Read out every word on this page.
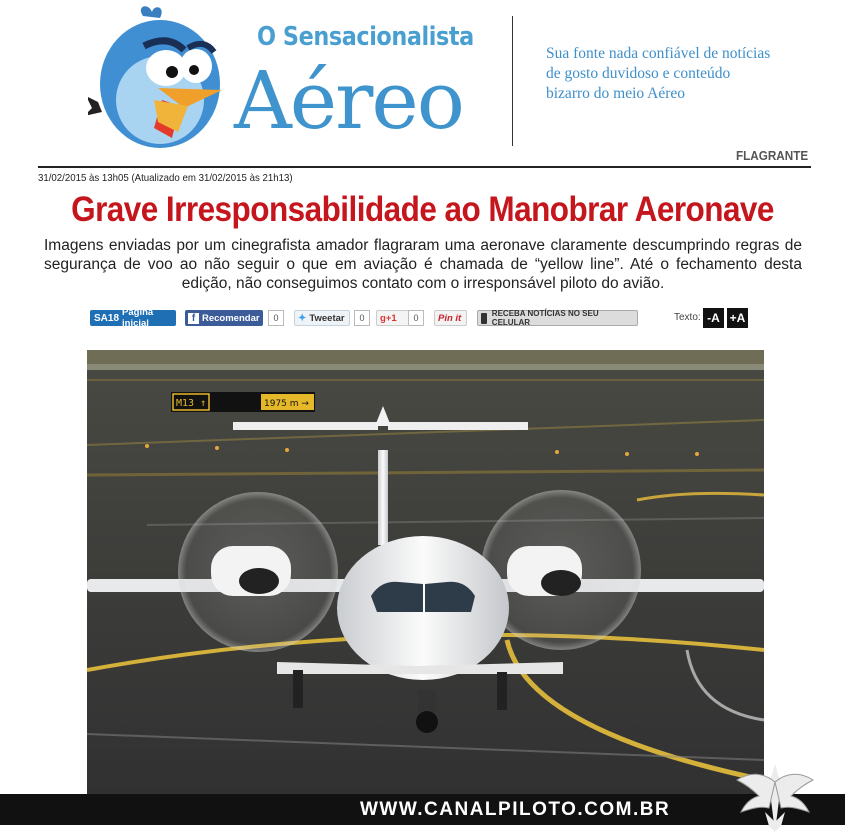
O Sensacionalista
Aéreo
Sua fonte nada confiável de notícias de gosto duvidoso e conteúdo bizarro do meio Aéreo
FLAGRANTE
31/02/2015 às 13h05 (Atualizado em 31/02/2015 às 21h13)
Grave Irresponsabilidade ao Manobrar Aeronave
Imagens enviadas por um cinegrafista amador flagraram uma aeronave claramente descumprindo regras de segurança de voo ao não seguir o que em aviação é chamada de “yellow line”. Até o fechamento desta edição, não conseguimos contato com o irresponsável piloto do avião.
SA18 Página inicial	f Recomendar	0	✦ Tweetar	0	g+1	0	Pin it	RECEBA NOTÍCIAS NO SEU CELULAR	Texto: -A +A
M13 ↑	1975 m →
WWW.CANALPILOTO.COM.BR
